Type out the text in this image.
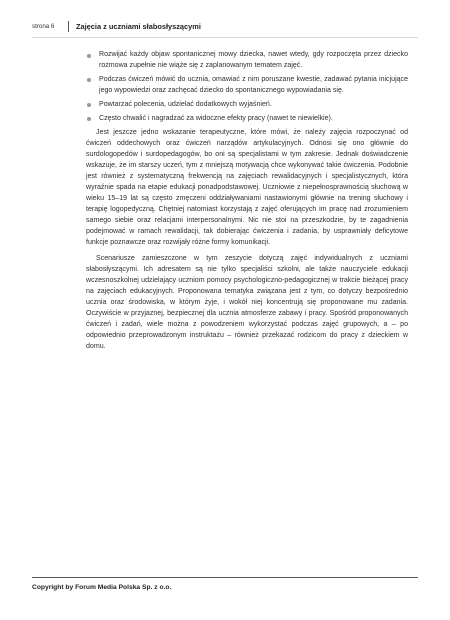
strona 6	Zajęcia z uczniami słabosłyszącymi
Rozwijać każdy objaw spontanicznej mowy dziecka, nawet wtedy, gdy rozpoczęta przez dziecko rozmowa zupełnie nie wiąże się z zaplanowanym tematem zajęć.
Podczas ćwiczeń mówić do ucznia, omawiać z nim poruszane kwestie, zadawać pytania inicjujące jego wypowiedzi oraz zachęcać dziecko do spontanicznego wypowiadania się.
Powtarzać polecenia, udzielać dodatkowych wyjaśnień.
Często chwalić i nagradzać za widoczne efekty pracy (nawet te niewielkie).

Jest jeszcze jedno wskazanie terapeutyczne, które mówi, że należy zajęcia rozpoczynać od ćwiczeń oddechowych oraz ćwiczeń narządów artykulacyjnych. Odnosi się ono głównie do surdologopedów i surdopedagogów, bo oni są specjalistami w tym zakresie. Jednak doświadczenie wskazuje, że im starszy uczeń, tym z mniejszą motywacją chce wykonywać takie ćwiczenia. Podobnie jest również z systematyczną frekwencją na zajęciach rewalidacyjnych i specjalistycznych, która wyraźnie spada na etapie edukacji ponadpodstawowej. Uczniowie z niepełnosprawnością słuchową w wieku 15–19 lat są często zmęczeni oddziaływaniami nastawionymi głównie na trening słuchowy i terapię logopedyczną. Chętniej natomiast korzystają z zajęć oferujących im pracę nad zrozumieniem samego siebie oraz relacjami interpersonalnymi. Nic nie stoi na przeszkodzie, by te zagadnienia podejmować w ramach rewalidacji, tak dobierając ćwiczenia i zadania, by usprawniały deficytowe funkcje poznawcze oraz rozwijały różne formy komunikacji.

Scenariusze zamieszczone w tym zeszycie dotyczą zajęć indywidualnych z uczniami słabosłyszącymi. Ich adresatem są nie tylko specjaliści szkolni, ale także nauczyciele edukacji wczesnoszkolnej udzielający uczniom pomocy psychologiczno-pedagogicznej w trakcie bieżącej pracy na zajęciach edukacyjnych. Proponowana tematyka związana jest z tym, co dotyczy bezpośrednio ucznia oraz środowiska, w którym żyje, i wokół niej koncentrują się proponowane mu zadania. Oczywiście w przyjaznej, bezpiecznej dla ucznia atmosferze zabawy i pracy. Spośród proponowanych ćwiczeń i zadań, wiele można z powodzeniem wykorzystać podczas zajęć grupowych, a – po odpowiednio przeprowadzonym instruktażu – również przekazać rodzicom do pracy z dzieckiem w domu.

Copyright by Forum Media Polska Sp. z o.o.
